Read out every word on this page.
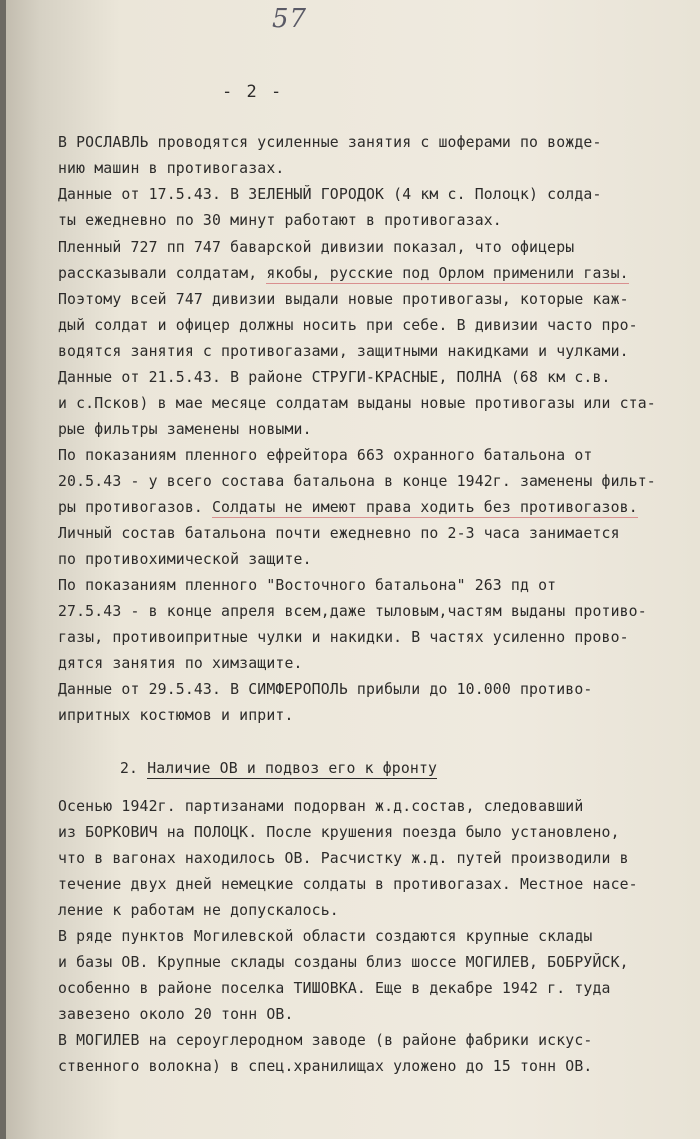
57
- 2 -
В РОСЛАВЛЬ проводятся усиленные занятия с шоферами по вожде-
нию машин в противогазах.
Данные от 17.5.43. В ЗЕЛЕНЫЙ ГОРОДОК (4 км с. Полоцк) солда-
ты ежедневно по 30 минут работают в противогазах.
Пленный 727 пп 747 баварской дивизии показал, что офицеры
рассказывали солдатам, якобы, русские под Орлом применили газы.
Поэтому всей 747 дивизии выдали новые противогазы, которые каж-
дый солдат и офицер должны носить при себе. В дивизии часто про-
водятся занятия с противогазами, защитными накидками и чулками.
Данные от 21.5.43. В районе СТРУГИ-КРАСНЫЕ, ПОЛНА (68 км с.в.
и с.Псков) в мае месяце солдатам выданы новые противогазы или ста-
рые фильтры заменены новыми.
По показаниям пленного ефрейтора 663 охранного батальона от
20.5.43 - у всего состава батальона в конце 1942г. заменены фильт-
ры противогазов. Солдаты не имеют права ходить без противогазов.
Личный состав батальона почти ежедневно по 2-3 часа занимается
по противохимической защите.
По показаниям пленного "Восточного батальона" 263 пд от
27.5.43 - в конце апреля всем,даже тыловым,частям выданы противо-
газы, противоипритные чулки и накидки. В частях усиленно прово-
дятся занятия по химзащите.
Данные от 29.5.43. В СИМФЕРОПОЛЬ прибыли до 10.000 противо-
ипритных костюмов и иприт.
2. Наличие ОВ и подвоз его к фронту
Осенью 1942г. партизанами подорван ж.д.состав, следовавший
из БОРКОВИЧ на ПОЛОЦК. После крушения поезда было установлено,
что в вагонах находилось ОВ. Расчистку ж.д. путей производили в
течение двух дней немецкие солдаты в противогазах. Местное насе-
ление к работам не допускалось.
В ряде пунктов Могилевской области создаются крупные склады
и базы ОВ. Крупные склады созданы близ шоссе МОГИЛЕВ, БОБРУЙСК,
особенно в районе поселка ТИШОВКА. Еще в декабре 1942 г. туда
завезено около 20 тонн ОВ.
В МОГИЛЕВ на сероуглеродном заводе (в районе фабрики искус-
ственного волокна) в спец.хранилищах уложено до 15 тонн ОВ.
